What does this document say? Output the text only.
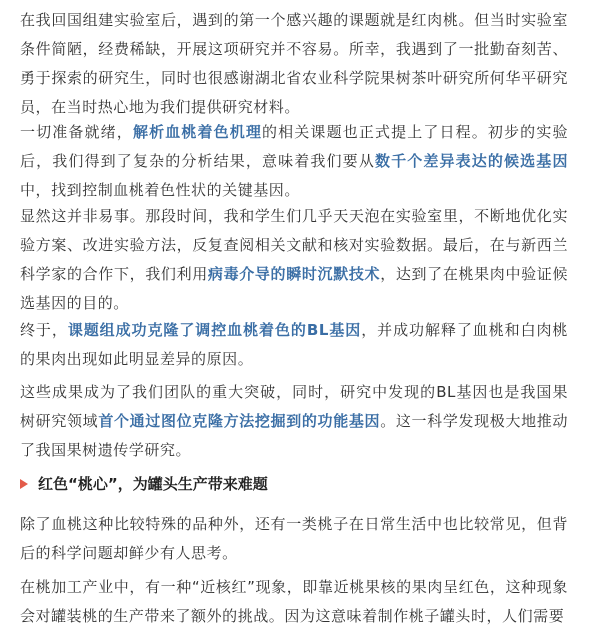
在我回国组建实验室后，遇到的第一个感兴趣的课题就是红肉桃。但当时实验室条件简陋，经费稀缺，开展这项研究并不容易。所幸，我遇到了一批勤奋刻苦、勇于探索的研究生，同时也很感谢湖北省农业科学院果树茶叶研究所何华平研究员，在当时热心地为我们提供研究材料。
一切准备就绪，解析血桃着色机理的相关课题也正式提上了日程。初步的实验后，我们得到了复杂的分析结果，意味着我们要从数千个差异表达的候选基因中，找到控制血桃着色性状的关键基因。
显然这并非易事。那段时间，我和学生们几乎天天泡在实验室里，不断地优化实验方案、改进实验方法，反复查阅相关文献和核对实验数据。最后，在与新西兰科学家的合作下，我们利用病毒介导的瞬时沉默技术，达到了在桃果肉中验证候选基因的目的。
终于，课题组成功克隆了调控血桃着色的BL基因，并成功解释了血桃和白肉桃的果肉出现如此明显差异的原因。
这些成果成为了我们团队的重大突破，同时，研究中发现的BL基因也是我国果树研究领域首个通过图位克隆方法挖掘到的功能基因。这一科学发现极大地推动了我国果树遗传学研究。
红色“桃心”，为罐头生产带来难题
除了血桃这种比较特殊的品种外，还有一类桃子在日常生活中也比较常见，但背后的科学问题却鲜少有人思考。
在桃加工产业中，有一种“近核红”现象，即靠近桃果核的果肉呈红色，这种现象会对罐装桃的生产带来了额外的挑战。因为这意味着制作桃子罐头时，人们需要
